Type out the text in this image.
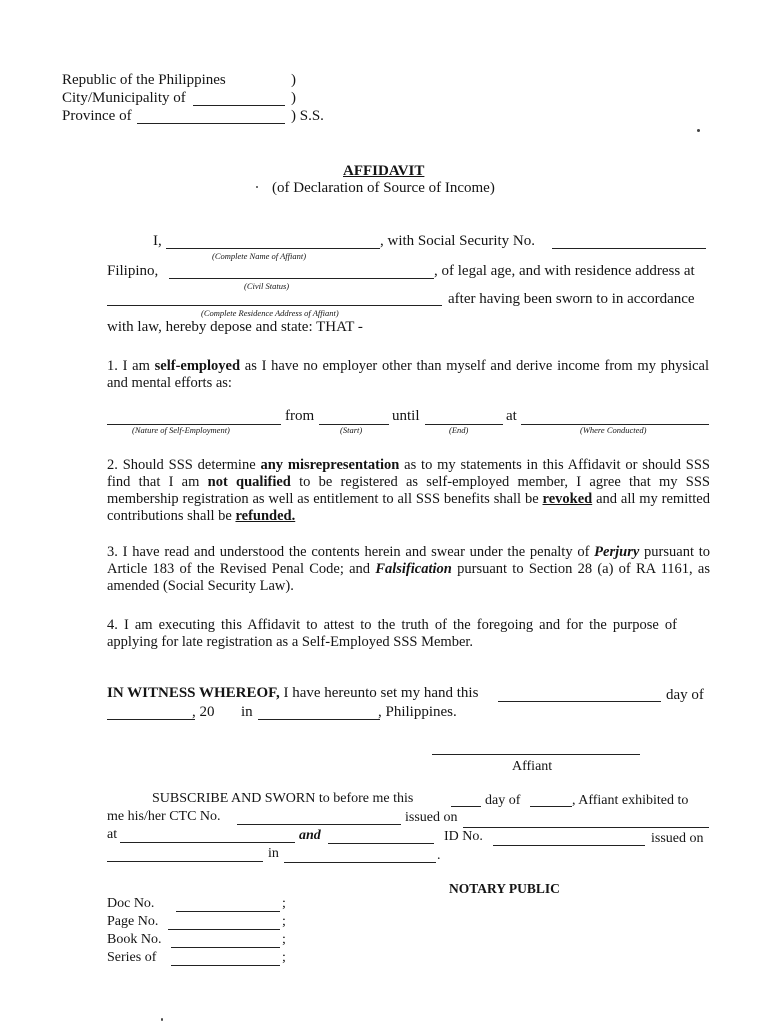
Republic of the Philippines	)
City/Municipality of	)
Province of	) S.S.
AFFIDAVIT
(of Declaration of Source of Income)
I,	, with Social Security No.
(Complete Name of Affiant)
Filipino,	, of legal age, and with residence address at
(Civil Status)
after having been sworn to in accordance
(Complete Residence Address of Affiant)
with law, hereby depose and state: THAT -
1. I am self-employed as I have no employer other than myself and derive income from my physical and mental efforts as:
from	until	at
(Nature of Self-Employment)	(Start)	(End)	(Where Conducted)
2. Should SSS determine any misrepresentation as to my statements in this Affidavit or should SSS find that I am not qualified to be registered as self-employed member, I agree that my SSS membership registration as well as entitlement to all SSS benefits shall be revoked and all my remitted contributions shall be refunded.
3. I have read and understood the contents herein and swear under the penalty of Perjury pursuant to Article 183 of the Revised Penal Code; and Falsification pursuant to Section 28 (a) of RA 1161, as amended (Social Security Law).
4. I am executing this Affidavit to attest to the truth of the foregoing and for the purpose of applying for late registration as a Self-Employed SSS Member.
IN WITNESS WHEREOF, I have hereunto set my hand this	day of
, 20 in	, Philippines.
Affiant
SUBSCRIBE AND SWORN to before me this	day of	, Affiant exhibited to
me his/her CTC No.	issued on
at	and	ID No.	issued on
in	.
NOTARY PUBLIC
Doc No.	;
Page No.	;
Book No.	;
Series of	;
